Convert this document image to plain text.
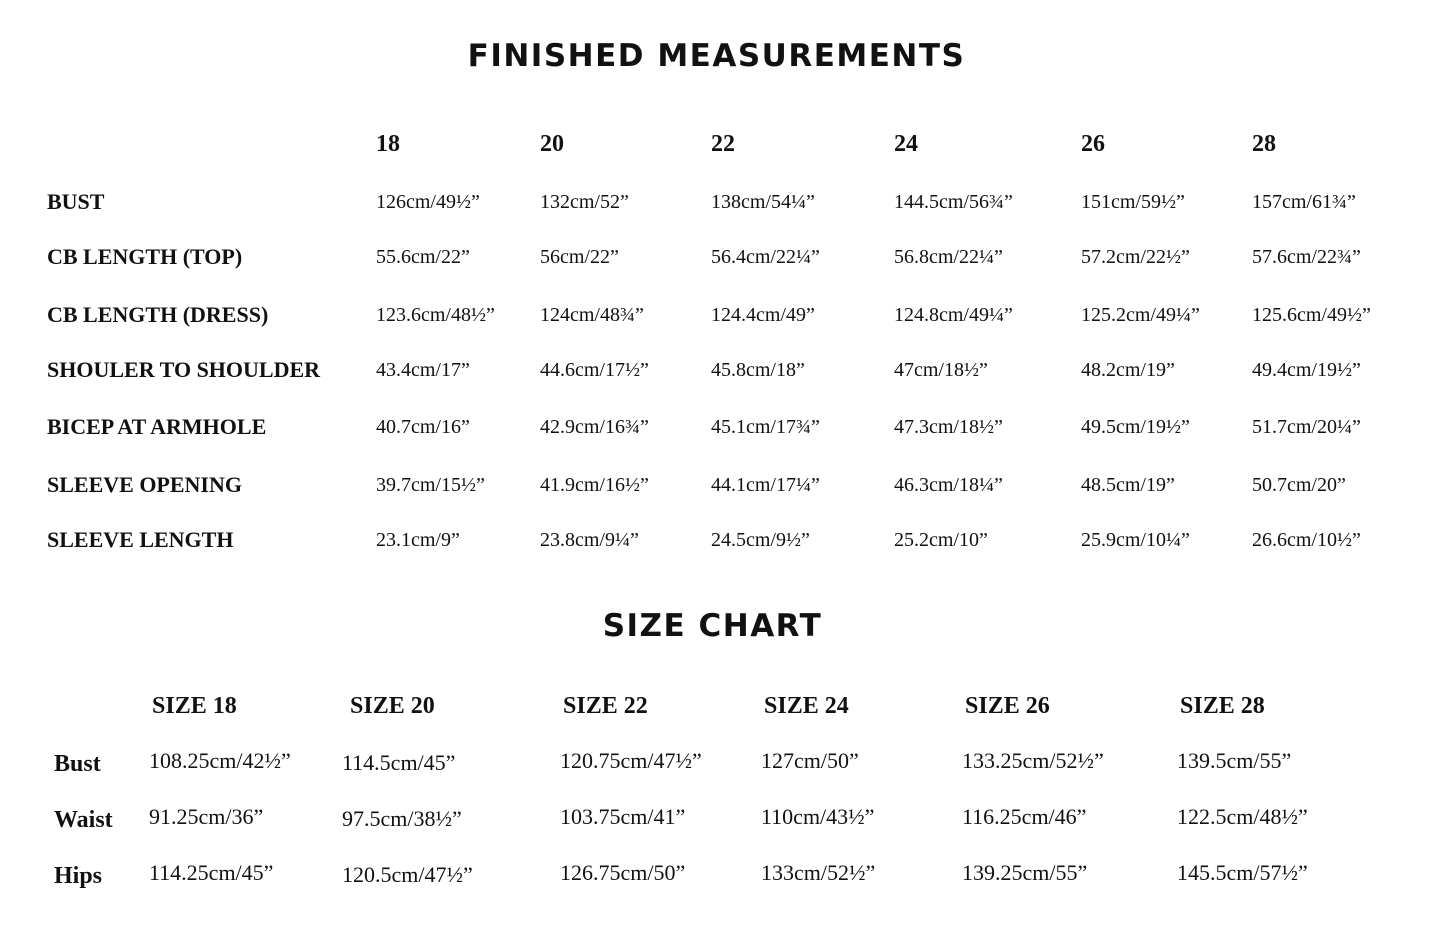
FINISHED MEASUREMENTS
18	20	22	24	26	28
BUST	126cm/49½”	132cm/52”	138cm/54¼”	144.5cm/56¾”	151cm/59½”	157cm/61¾”
CB LENGTH (TOP)	55.6cm/22”	56cm/22”	56.4cm/22¼”	56.8cm/22¼”	57.2cm/22½”	57.6cm/22¾”
CB LENGTH (DRESS)	123.6cm/48½” 124cm/48¾”	124.4cm/49”	124.8cm/49¼”	125.2cm/49¼”	125.6cm/49½”
SHOULER TO SHOULDER	43.4cm/17”	44.6cm/17½”	45.8cm/18”	47cm/18½”	48.2cm/19”	49.4cm/19½”
BICEP AT ARMHOLE	40.7cm/16”	42.9cm/16¾”	45.1cm/17¾”	47.3cm/18½”	49.5cm/19½”	51.7cm/20¼”
SLEEVE OPENING	39.7cm/15½”	41.9cm/16½”	44.1cm/17¼”	46.3cm/18¼”	48.5cm/19”	50.7cm/20”
SLEEVE LENGTH	23.1cm/9”	23.8cm/9¼”	24.5cm/9½”	25.2cm/10”	25.9cm/10¼”	26.6cm/10½”
SIZE CHART
SIZE 18	SIZE 20	SIZE 22	SIZE 24	SIZE 26	SIZE 28
Bust 108.25cm/42½” 114.5cm/45”	120.75cm/47½”	127cm/50”	133.25cm/52½”	139.5cm/55”
Waist 91.25cm/36”	97.5cm/38½”	103.75cm/41”	110cm/43½”	116.25cm/46”	122.5cm/48½”
Hips 114.25cm/45”	120.5cm/47½”	126.75cm/50”	133cm/52½”	139.25cm/55”	145.5cm/57½”
